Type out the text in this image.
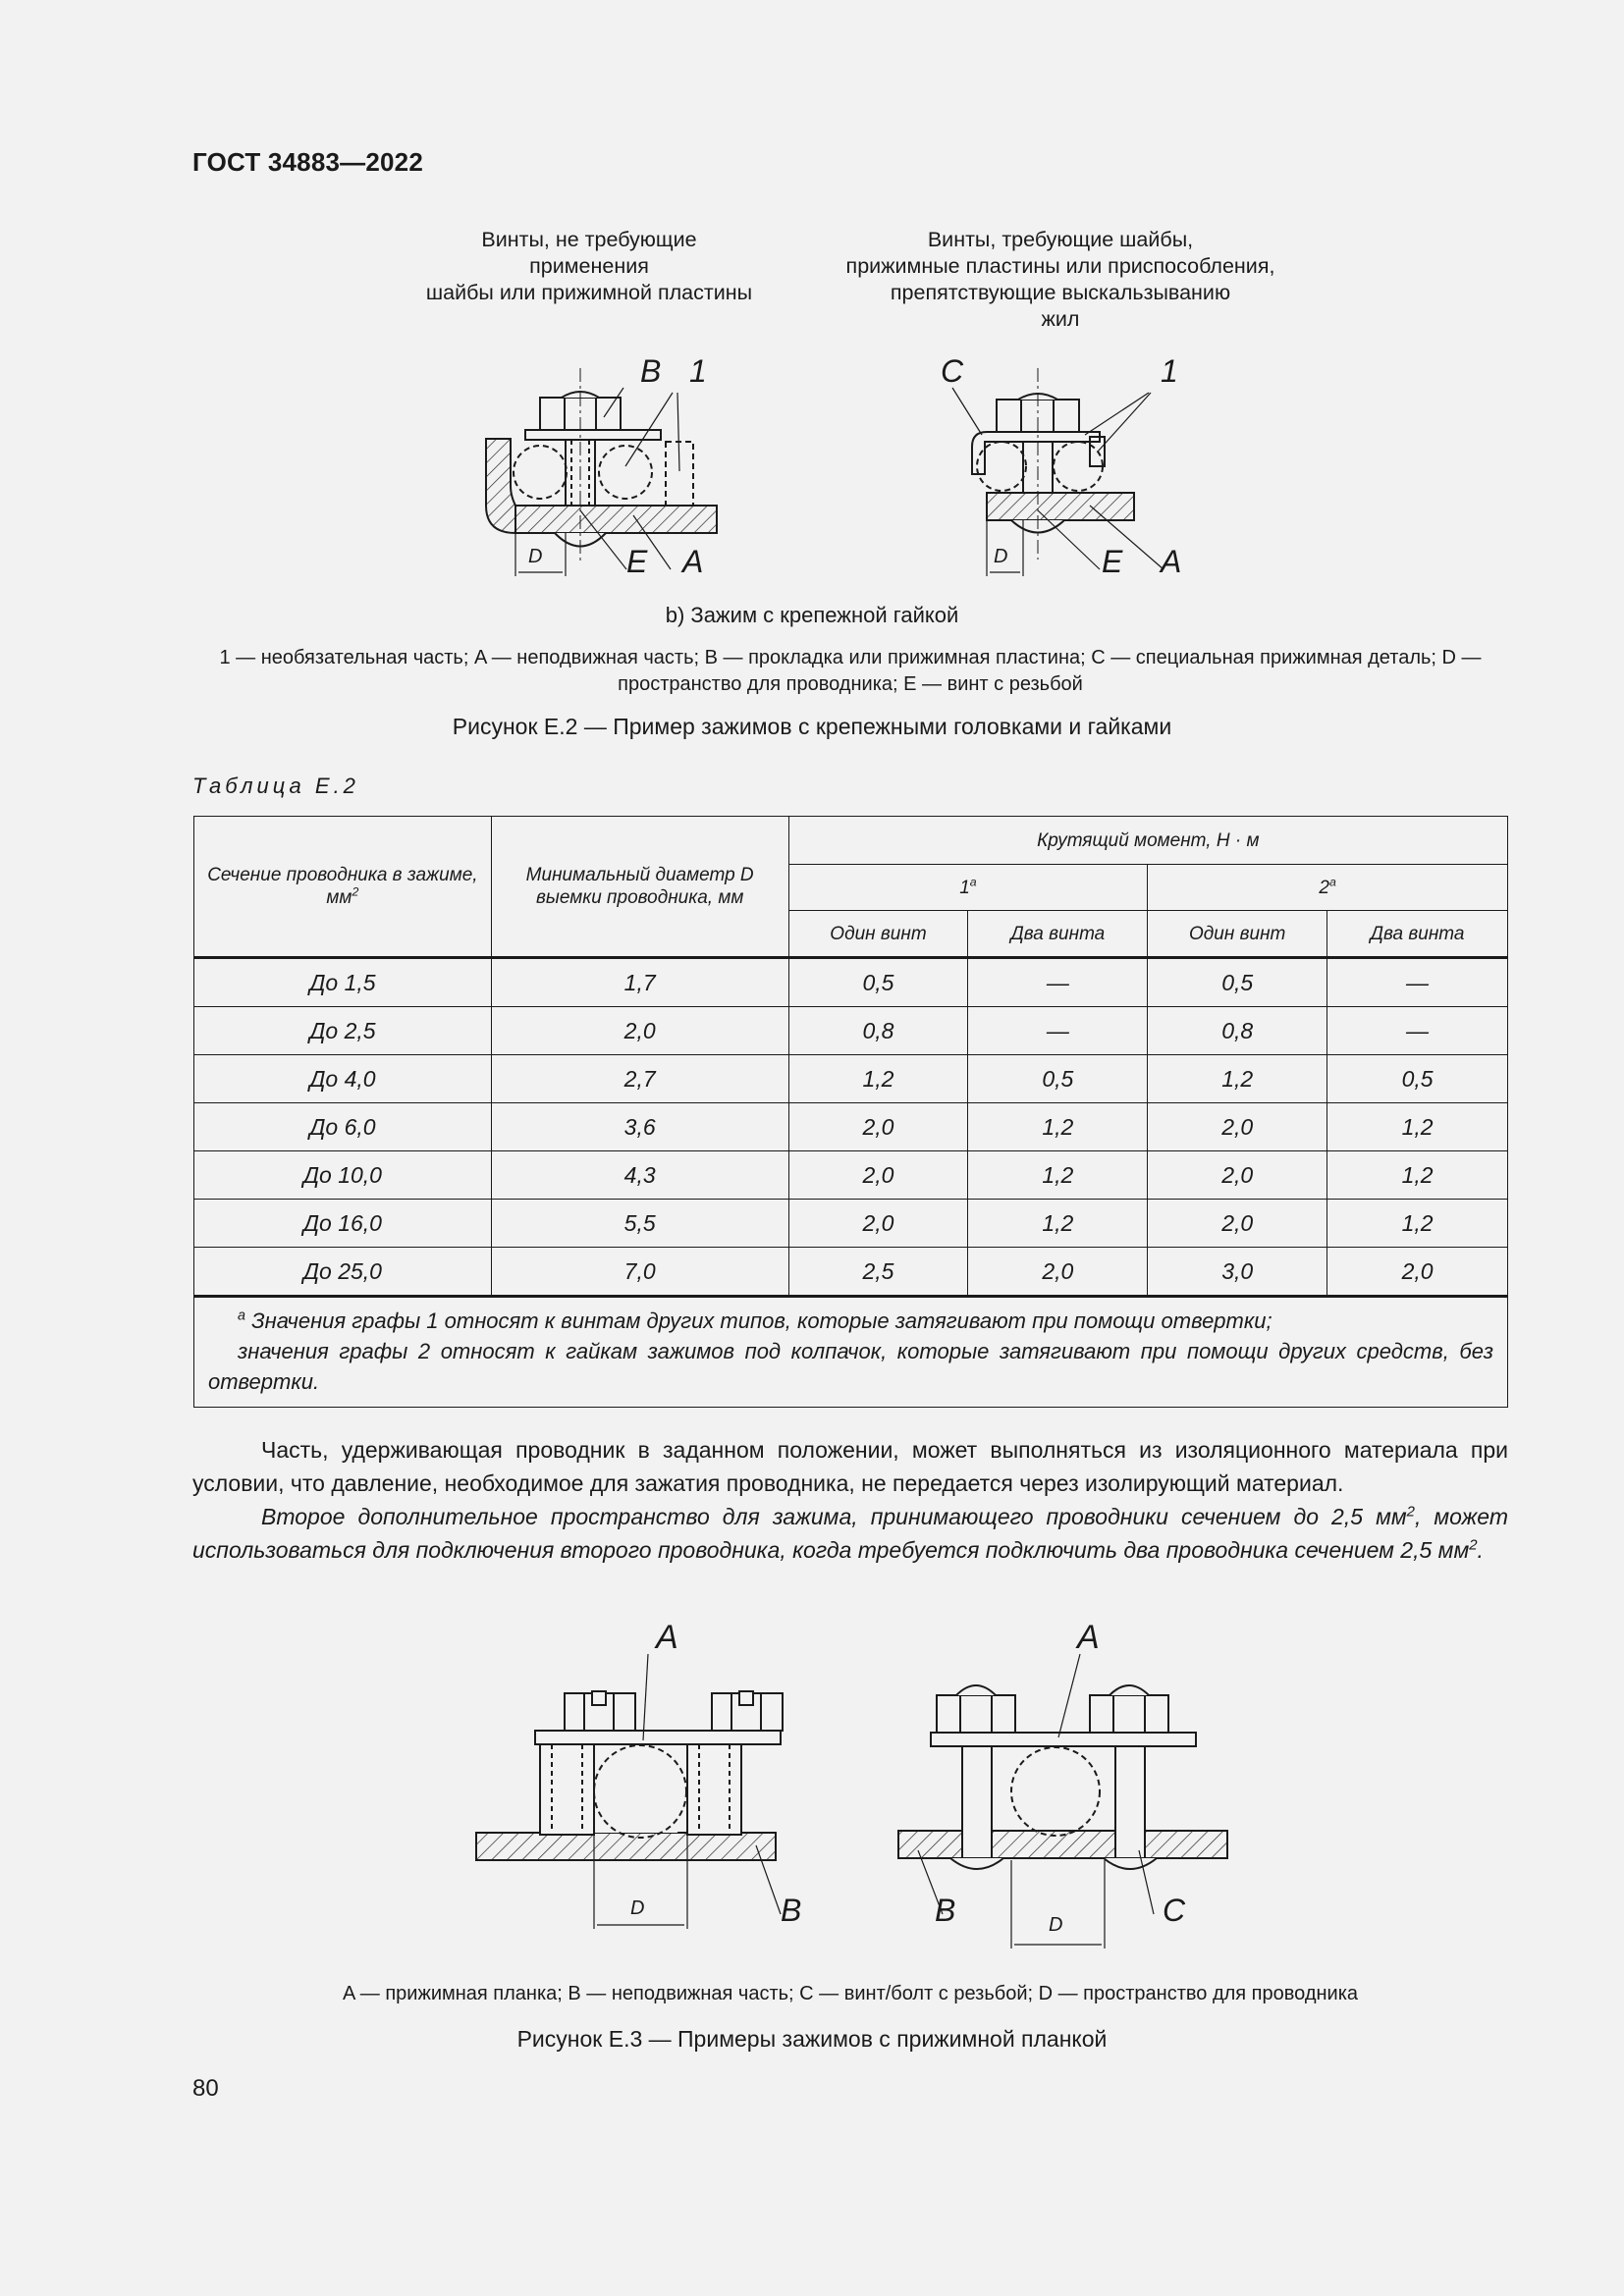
ГОСТ 34883—2022
Винты, не требующие
применения
шайбы или прижимной пластины
Винты, требующие шайбы,
прижимные пластины или приспособления,
препятствующие выскальзыванию
жил
B 1
D	E A
C	1
D	E A
b) Зажим с крепежной гайкой
1 — необязательная часть; A — неподвижная часть; B — прокладка или прижимная пластина; C — специальная прижимная деталь; D — пространство для проводника; E — винт с резьбой
Рисунок Е.2 — Пример зажимов с крепежными головками и гайками
Таблица Е.2
Сечение проводника в зажиме, $мм^2$	Минимальный диаметр D выемки проводника, мм	Крутящий момент, Н · м			
		1$^a$		2$^a$
		Один винт	Два винта	Один винт	Два винта
До 1,5	1,7	0,5	—	0,5	—
До 2,5	2,0	0,8	—	0,8	—
До 4,0	2,7	1,2	0,5	1,2	0,5
До 6,0	3,6	2,0	1,2	2,0	1,2
До 10,0	4,3	2,0	1,2	2,0	1,2
До 16,0	5,5	2,0	1,2	2,0	1,2
До 25,0	7,0	2,5	2,0	3,0	2,0

$^a$ Значения графы 1 относят к винтам других типов, которые затягивают при помощи отвертки;
значения графы 2 относят к гайкам зажимов под колпачок, которые затягивают при помощи других средств, без отвертки.					

Часть, удерживающая проводник в заданном положении, может выполняться из изоляционного материала при условии, что давление, необходимое для зажатия проводника, не передается через изолирующий материал.

Второе дополнительное пространство для зажима, принимающего проводники сечением до 2,5 $мм^2$, может использоваться для подключения второго проводника, когда требуется подключить два проводника сечением 2,5 $мм^2$.

A
D	B
A
D
B	C
A — прижимная планка; B — неподвижная часть; C — винт/болт с резьбой; D — пространство для проводника
Рисунок Е.3 — Примеры зажимов с прижимной планкой
80
